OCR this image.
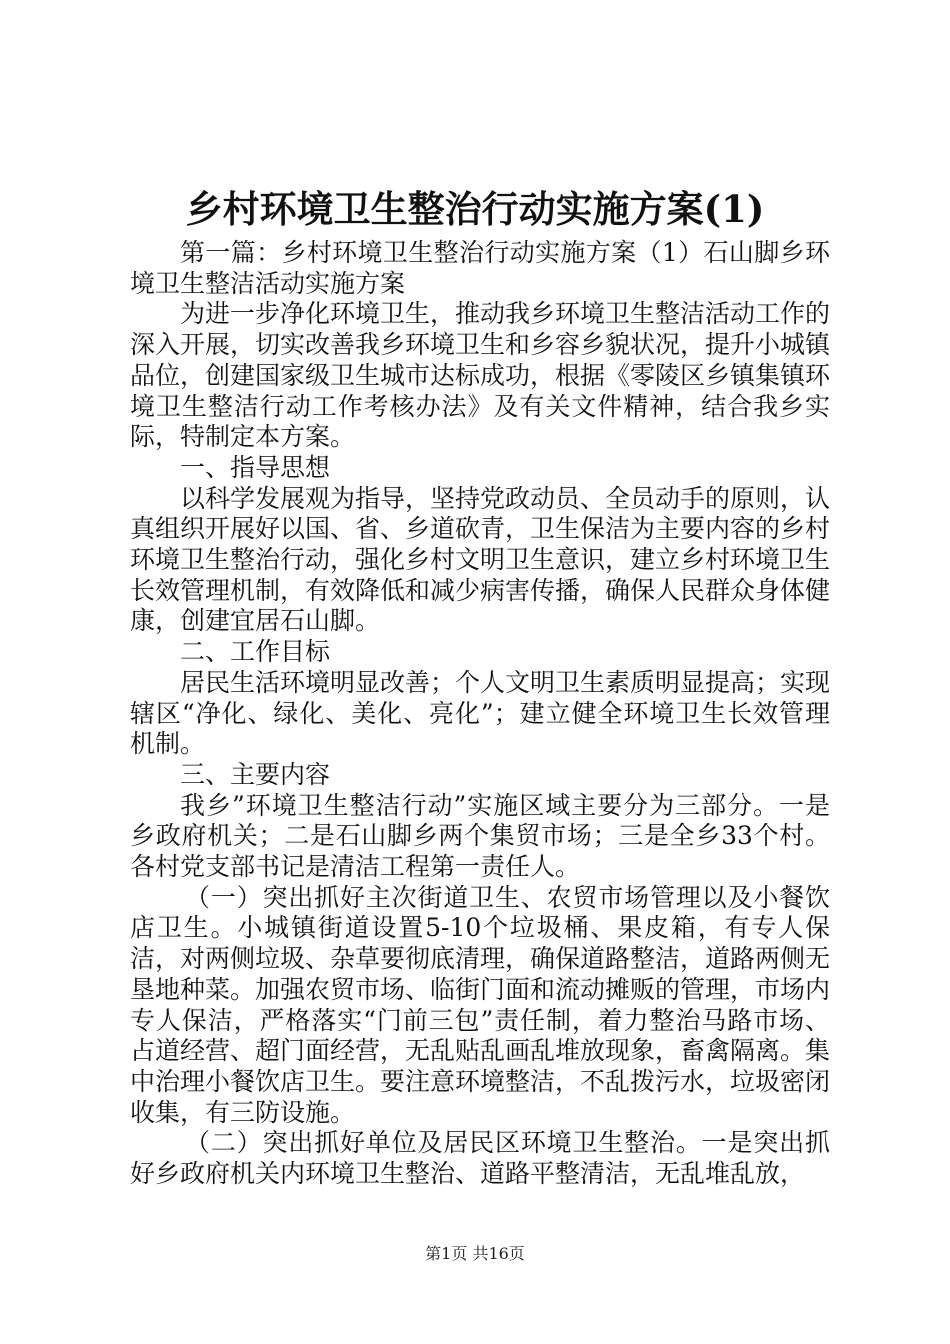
乡村环境卫生整治行动实施方案(1)

第一篇：乡村环境卫生整治行动实施方案（1）石山脚乡环境卫生整洁活动实施方案

为进一步净化环境卫生，推动我乡环境卫生整洁活动工作的深入开展，切实改善我乡环境卫生和乡容乡貌状况，提升小城镇品位，创建国家级卫生城市达标成功，根据《零陵区乡镇集镇环境卫生整洁行动工作考核办法》及有关文件精神，结合我乡实际，特制定本方案。

一、指导思想

以科学发展观为指导，坚持党政动员、全员动手的原则，认真组织开展好以国、省、乡道砍青，卫生保洁为主要内容的乡村环境卫生整治行动，强化乡村文明卫生意识，建立乡村环境卫生长效管理机制，有效降低和减少病害传播，确保人民群众身体健康，创建宜居石山脚。

二、工作目标

居民生活环境明显改善；个人文明卫生素质明显提高；实现辖区“净化、绿化、美化、亮化”；建立健全环境卫生长效管理机制。

三、主要内容

我乡”环境卫生整洁行动”实施区域主要分为三部分。一是乡政府机关；二是石山脚乡两个集贸市场；三是全乡33个村。各村党支部书记是清洁工程第一责任人。

（一）突出抓好主次街道卫生、农贸市场管理以及小餐饮店卫生。小城镇街道设置5-10个垃圾桶、果皮箱，有专人保洁，对两侧垃圾、杂草要彻底清理，确保道路整洁，道路两侧无垦地种菜。加强农贸市场、临街门面和流动摊贩的管理，市场内专人保洁，严格落实“门前三包”责任制，着力整治马路市场、占道经营、超门面经营，无乱贴乱画乱堆放现象，畜禽隔离。集中治理小餐饮店卫生。要注意环境整洁，不乱拨污水，垃圾密闭收集，有三防设施。

（二）突出抓好单位及居民区环境卫生整治。一是突出抓好乡政府机关内环境卫生整治、道路平整清洁，无乱堆乱放，

第1页 共16页
